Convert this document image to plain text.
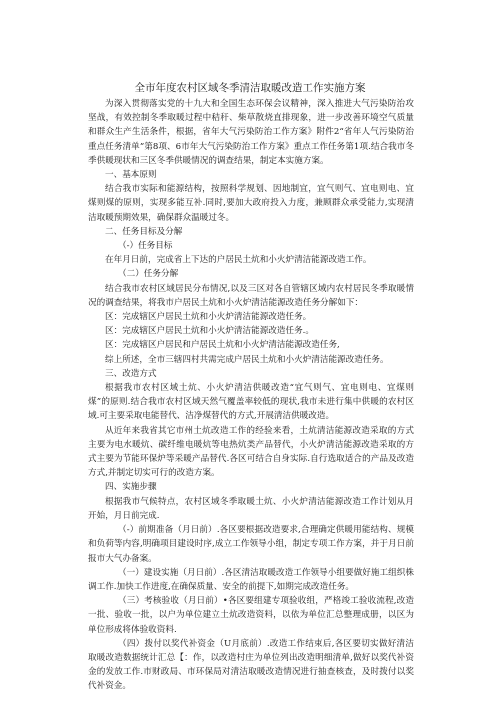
全市年度农村区域冬季清洁取暖改造工作实施方案

为深入贯彻落实党的十九大和全国生态环保会议精神，深入推进大气污染防治攻坚战，有效控制冬季取暖过程中秸秆、柴草散烧直排现象，进一步改善环境空气质量和群众生产生活条件，根据，省年大气污染防治工作方案》附件2“省年人气污染防治重点任务清单”第8项、6市年大气污染防治工作方案》重点工作任务第1项.结合我市冬季供暖现状和三区冬季供暖情况的调查结果，制定本实施方案。

一、基本原则

结合我市实际和能源结构，按照科学规划、因地制宜，宜气则气、宜电则电、宜煤则煤的原则，实现多能互补.同时,要加大政府投入力度，兼顾群众承受能力,实现清洁取暖预期效果，确保群众温暖过冬。

二、任务目标及分解

（-）任务目标

在年月日前，完成省上下达的户居民土炕和小火炉清洁能源改造工作。

（二）任务分解

结合我市农村区域居民分布情况,以及三区对各自管辖区域内农村居民冬季取暖情况的调查结果，将我市户居民土炕和小火炉清洁能源改造任务分解如下：

区：完成辖区户居民土炕和小火炉清洁能源改造任务。

区：完成辖区户居民土炕和小火炉清洁能源改造任务.。

区：完成辖区户居民和户居民土炕和小火炉清洁能源改造任务,

综上所述，全市三辖四村共需完成户居民土炕和小火炉清洁能源改造任务。

三、改造方式

根据我市农村区域土炕、小火炉清洁供暖改造“宜气则气、宜电则电、宜煤则煤”的原则.结合我市农村区域天然气覆盖率较低的现状,我市未进行集中供暖的农村区域.可主要采取电能替代、洁净煤替代的方式,开展清洁供暖改造。

从近年来我省其它市州土炕改造工作的经验来看，土炕清洁能源改造采取的方式主要为电水暖炕、碳纤维电暖炕等电热炕类产品替代，小火炉清洁能源改造采取的方式主要为节能环保炉等采暖产品替代.各区可结合自身实际.自行选取适合的产品及改造方式,并制定切实可行的改造方案。

四、实施步骤

根据我市气候特点，农村区域冬季取暖土炕、小火炉清洁能源改造工作计划从月开始，月日前完成.

（-）前期准备（月日前）.各区要根据改造要求,合理确定供暖用能结构、规模和负荷等内容,明确项目建设时序,成立工作领导小组，制定专项工作方案，并于月日前报市大气办备案。

（一）建设实施（月日前）.各区清洁取暖改造工作领导小组要做好施工组织株调工作.加快工作进度,在确保质量、安全的前提下,如期完成改造任务。

（三）考核验收（月日前）•各区要组建专项验收组，严格竣工验收流程,改造一批、验收一批，以户为单位建立土炕改造资料，以依为单位汇总整理成册，以区为单位形成将体验收资料.

（四）拨付以奖代补资金（U月底前）.改造工作结束后,各区要切实做好清洁取暖改造数据统计汇总【：作，以改造村庄为单位列出改造明细清单,做好以奖代补资金的发放工作.市财政局、市环保局对清洁取暖改造情况进行抽查核查，及时拨付以奖代补资金。
